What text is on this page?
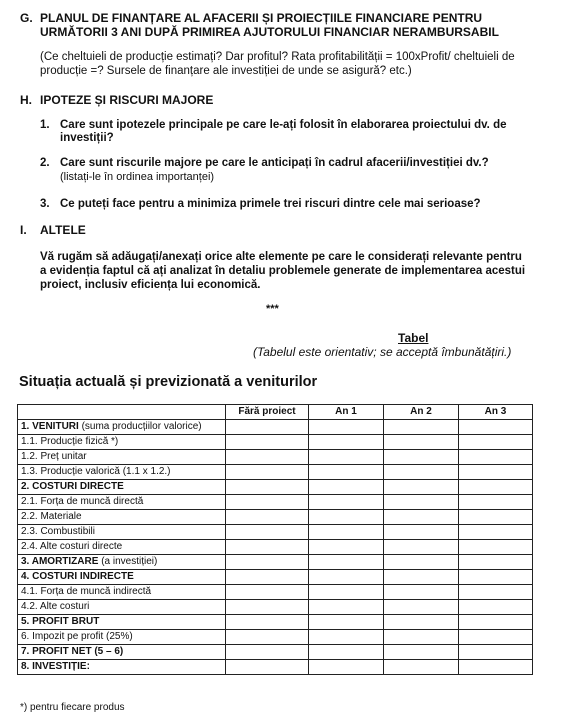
G. PLANUL DE FINANȚARE AL AFACERII ȘI PROIECȚIILE FINANCIARE PENTRU
URMĂTORII 3 ANI DUPĂ PRIMIREA AJUTORULUI FINANCIAR NERAMBURSABIL
(Ce cheltuieli de producție estimați? Dar profitul? Rata profitabilității = 100xProfit/ cheltuieli de
producție =? Sursele de finanțare ale investiției de unde se asigură? etc.)
H. IPOTEZE ȘI RISCURI MAJORE
1. Care sunt ipotezele principale pe care le-ați folosit în elaborarea proiectului dv. de
investiții?
2. Care sunt riscurile majore pe care le anticipați în cadrul afacerii/investiției dv.?
(listați-le în ordinea importanței)
3. Ce puteți face pentru a minimiza primele trei riscuri dintre cele mai serioase?
I. ALTELE
Vă rugăm să adăugați/anexați orice alte elemente pe care le considerați relevante pentru
a evidenția faptul că ați analizat în detaliu problemele generate de implementarea acestui
proiect, inclusiv eficiența lui economică.
***
Tabel
(Tabelul este orientativ; se acceptă îmbunătățiri.)
Situația actuală și previzionată a veniturilor
	Fără proiect	An 1	An 2	An 3
1. VENITURI (suma producțiilor valorice)				
1.1. Producție fizică *)				
1.2. Preț unitar				
1.3. Producție valorică (1.1 x 1.2.)				
2. COSTURI DIRECTE				
2.1. Forța de muncă directă				
2.2. Materiale				
2.3. Combustibili				
2.4. Alte costuri directe				
3. AMORTIZARE (a investiției)				
4. COSTURI INDIRECTE				
4.1. Forța de muncă indirectă				
4.2. Alte costuri				
5. PROFIT BRUT				
6. Impozit pe profit (25%)				
7. PROFIT NET (5 – 6)				
8. INVESTIȚIE:				
*) pentru fiecare produs
